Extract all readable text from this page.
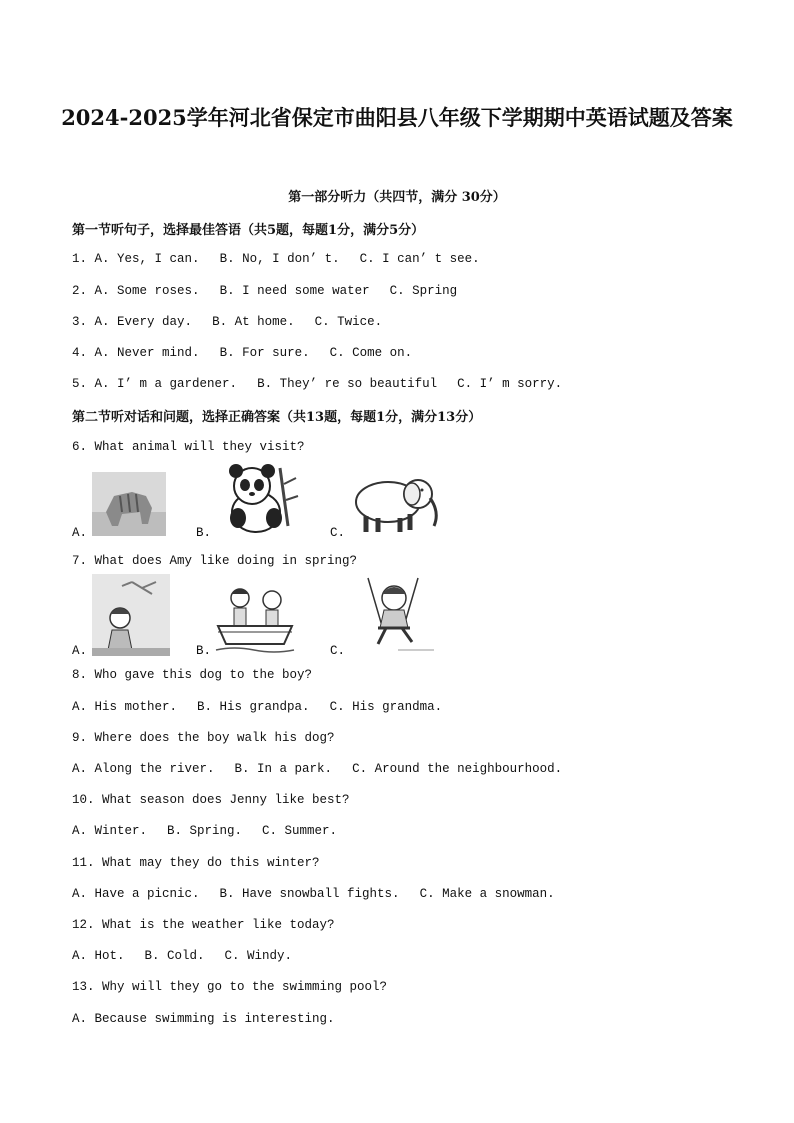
2024-2025学年河北省保定市曲阳县八年级下学期期中英语试题及答案
第一部分听力（共四节，满分 30分）
第一节听句子，选择最佳答语（共5题，每题1分，满分5分）
1. A. Yes, I can. B. No, I don’ t. C. I can’ t see.
2. A. Some roses. B. I need some water C. Spring
3. A. Every day. B. At home. C. Twice.
4. A. Never mind. B. For sure. C. Come on.
5. A. I’ m a gardener. B. They’ re so beautiful C. I’ m sorry.
第二节听对话和问题，选择正确答案（共13题，每题1分，满分13分）
6. What animal will they visit?
A.	B.	C.
7. What does Amy like doing in spring?
A.	B.	C.
8. Who gave this dog to the boy?
A. His mother. B. His grandpa. C. His grandma.
9. Where does the boy walk his dog?
A. Along the river. B. In a park. C. Around the neighbourhood.
10. What season does Jenny like best?
A. Winter. B. Spring. C. Summer.
11. What may they do this winter?
A. Have a picnic. B. Have snowball fights. C. Make a snowman.
12. What is the weather like today?
A. Hot. B. Cold. C. Windy.
13. Why will they go to the swimming pool?
A. Because swimming is interesting.
